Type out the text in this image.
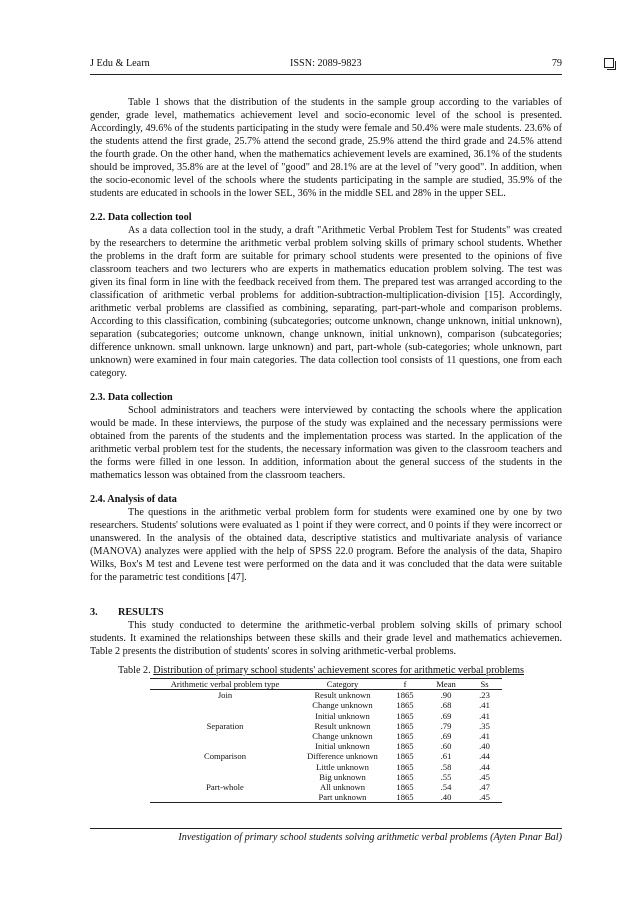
J Edu & Learn	ISSN: 2089-9823	79

Table 1 shows that the distribution of the students in the sample group according to the variables of gender, grade level, mathematics achievement level and socio-economic level of the school is presented. Accordingly, 49.6% of the students participating in the study were female and 50.4% were male students. 23.6% of the students attend the first grade, 25.7% attend the second grade, 25.9% attend the third grade and 24.5% attend the fourth grade. On the other hand, when the mathematics achievement levels are examined, 36.1% of the students should be improved, 35.8% are at the level of "good" and 28.1% are at the level of "very good". In addition, when the socio-economic level of the schools where the students participating in the sample are studied, 35.9% of the students are educated in schools in the lower SEL, 36% in the middle SEL and 28% in the upper SEL.

2.2. Data collection tool

As a data collection tool in the study, a draft "Arithmetic Verbal Problem Test for Students" was created by the researchers to determine the arithmetic verbal problem solving skills of primary school students. Whether the problems in the draft form are suitable for primary school students were presented to the opinions of five classroom teachers and two lecturers who are experts in mathematics education problem solving. The test was given its final form in line with the feedback received from them. The prepared test was arranged according to the classification of arithmetic verbal problems for addition-subtraction-multiplication-division [15]. Accordingly, arithmetic verbal problems are classified as combining, separating, part-part-whole and comparison problems. According to this classification, combining (subcategories; outcome unknown, change unknown, initial unknown), separation (subcategories; outcome unknown, change unknown, initial unknown), comparison (subcategories; difference unknown. small unknown. large unknown) and part, part-whole (sub-categories; whole unknown, part unknown) were examined in four main categories. The data collection tool consists of 11 questions, one from each category.

2.3. Data collection

School administrators and teachers were interviewed by contacting the schools where the application would be made. In these interviews, the purpose of the study was explained and the necessary permissions were obtained from the parents of the students and the implementation process was started. In the application of the arithmetic verbal problem test for the students, the necessary information was given to the classroom teachers and the forms were filled in one lesson. In addition, information about the general success of the students in the mathematics lesson was obtained from the classroom teachers.

2.4. Analysis of data

The questions in the arithmetic verbal problem form for students were examined one by one by two researchers. Students' solutions were evaluated as 1 point if they were correct, and 0 points if they were incorrect or unanswered. In the analysis of the obtained data, descriptive statistics and multivariate analysis of variance (MANOVA) analyzes were applied with the help of SPSS 22.0 program. Before the analysis of the data, Shapiro Wilks, Box's M test and Levene test were performed on the data and it was concluded that the data were suitable for the parametric test conditions [47].

3. RESULTS

This study conducted to determine the arithmetic-verbal problem solving skills of primary school students. It examined the relationships between these skills and their grade level and mathematics achievemen. Table 2 presents the distribution of students' scores in solving arithmetic-verbal problems.

Table 2. Distribution of primary school students' achievement scores for arithmetic verbal problems
Arithmetic verbal problem type	Category	f	Mean	Ss
Join	Result unknown	1865	.90	.23
	Change unknown	1865	.68	.41
	Initial unknown	1865	.69	.41
Separation	Result unknown	1865	.79	.35
	Change unknown	1865	.69	.41
	Initial unknown	1865	.60	.40
Comparison	Difference unknown	1865	.61	.44
	Little unknown	1865	.58	.44
	Big unknown	1865	.55	.45
Part-whole	All unknown	1865	.54	.47
	Part unknown	1865	.40	.45
Investigation of primary school students solving arithmetic verbal problems (Ayten Pınar Bal)
